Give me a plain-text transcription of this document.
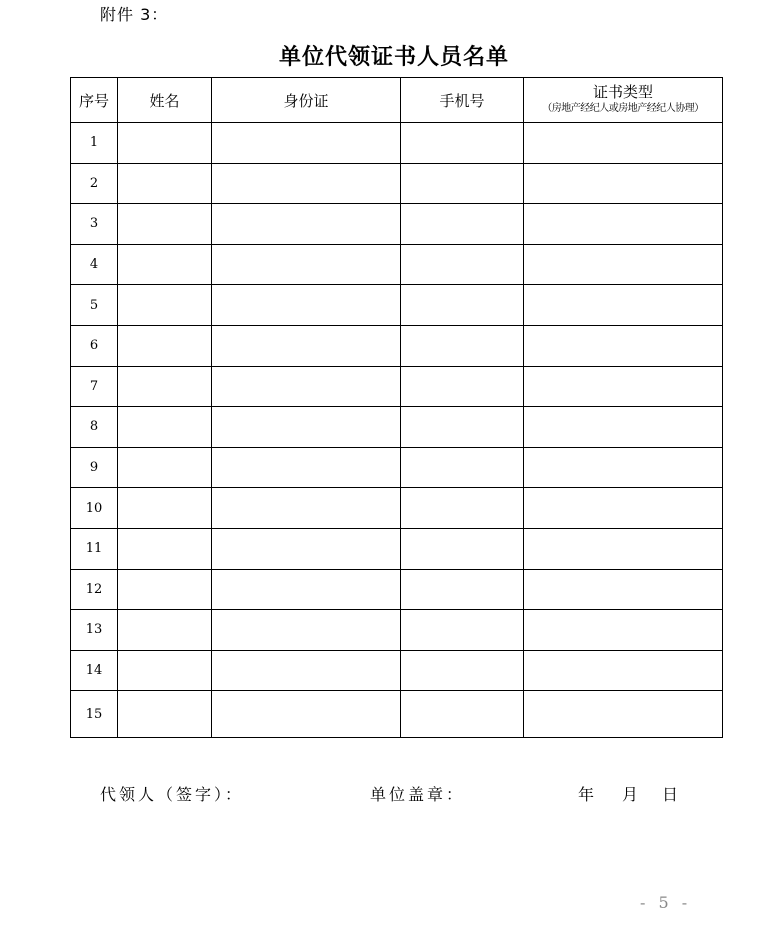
附件 3：
单位代领证书人员名单
序号	姓名	身份证	手机号	证书类型
（房地产经纪人或房地产经纪人协理）

1				
2				
3				
4				
5				
6				
7				
8				
9				
10				
11				
12				
13				
14				
15				
代领人（签字）：	单位盖章：	年 月 日
- 5 -
